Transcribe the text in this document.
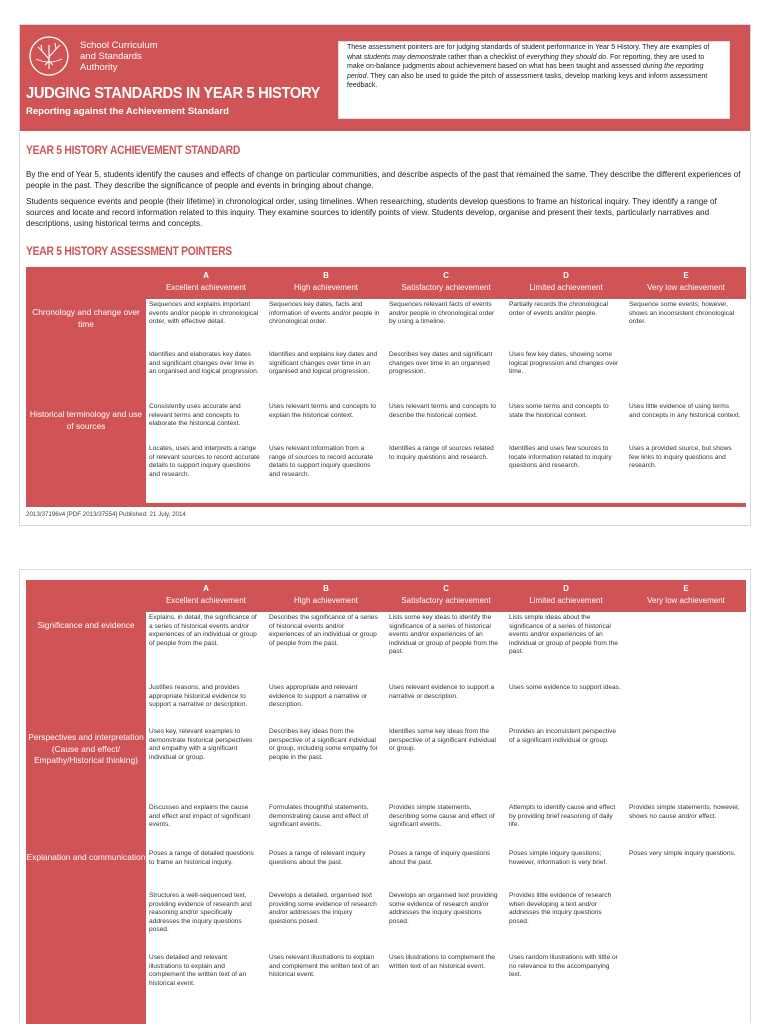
School Curriculum
and Standards
Authority
JUDGING STANDARDS IN YEAR 5 HISTORY
Reporting against the Achievement Standard
These assessment pointers are for judging standards of student performance in Year 5 History. They are examples of what students may demonstrate rather than a checklist of everything they should do. For reporting, they are used to make on-balance judgments about achievement based on what has been taught and assessed during the reporting period. They can also be used to guide the pitch of assessment tasks, develop marking keys and inform assessment feedback.
YEAR 5 HISTORY ACHIEVEMENT STANDARD
By the end of Year 5, students identify the causes and effects of change on particular communities, and describe aspects of the past that remained the same. They describe the different experiences of people in the past. They describe the significance of people and events in bringing about change.
Students sequence events and people (their lifetime) in chronological order, using timelines. When researching, students develop questions to frame an historical inquiry. They identify a range of sources and locate and record information related to this inquiry. They examine sources to identify points of view. Students develop, organise and present their texts, particularly narratives and descriptions, using historical terms and concepts.
YEAR 5 HISTORY ASSESSMENT POINTERS
A
Excellent achievement
B
High achievement
C
Satisfactory achievement
D
Limited achievement
E
Very low achievement
Chronology and change over time
Historical terminology and use of sources
Sequences and explains important events and/or people in chronological order, with effective detail.
Sequences key dates, facts and information of events and/or people in chronological order.
Sequences relevant facts of events and/or people in chronological order by using a timeline.
Partially records the chronological order of events and/or people.
Sequence some events; however, shows an inconsistent chronological order.
Identifies and elaborates key dates and significant changes over time in an organised and logical progression.
Identifies and explains key dates and significant changes over time in an organised and logical progression.
Describes key dates and significant changes over time in an organised progression.
Uses few key dates, showing some logical progression and changes over time.
Consistently uses accurate and relevant terms and concepts to elaborate the historical context.
Uses relevant terms and concepts to explain the historical context.
Uses relevant terms and concepts to describe the historical context.
Uses some terms and concepts to state the historical context.
Uses little evidence of using terms and concepts in any historical context.
Locates, uses and interprets a range of relevant sources to record accurate details to support inquiry questions and research.
Uses relevant information from a range of sources to record accurate details to support inquiry questions and research.
Identifies a range of sources related to inquiry questions and research.
Identifies and uses few sources to locate information related to inquiry questions and research.
Uses a provided source, but shows few links to inquiry questions and research.
2013/37196v4 [PDF 2013/37554] Published: 21 July, 2014
A
Excellent achievement
B
High achievement
C
Satisfactory achievement
D
Limited achievement
E
Very low achievement
Significance and evidence
Perspectives and interpretation (Cause and effect/ Empathy/Historical thinking)
Explanation and communication
Explains, in detail, the significance of a series of historical events and/or experiences of an individual or group of people from the past.
Describes the significance of a series of historical events and/or experiences of an individual or group of people from the past.
Lists some key ideas to identify the significance of a series of historical events and/or experiences of an individual or group of people from the past.
Lists simple ideas about the significance of a series of historical events and/or experiences of an individual or group of people from the past.
Justifies reasons, and provides appropriate historical evidence to support a narrative or description.
Uses appropriate and relevant evidence to support a narrative or description.
Uses relevant evidence to support a narrative or description.
Uses some evidence to support ideas.
Uses key, relevant examples to demonstrate historical perspectives and empathy with a significant individual or group.
Describes key ideas from the perspective of a significant individual or group, including some empathy for people in the past.
Identifies some key ideas from the perspective of a significant individual or group.
Provides an inconsistent perspective of a significant individual or group.
Discusses and explains the cause and effect and impact of significant events.
Formulates thoughtful statements, demonstrating cause and effect of significant events.
Provides simple statements, describing some cause and effect of significant events.
Attempts to identify cause and effect by providing brief reasoning of daily life.
Provides simple statements; however, shows no cause and/or effect.
Poses a range of detailed questions to frame an historical inquiry.
Poses a range of relevant inquiry questions about the past.
Poses a range of inquiry questions about the past.
Poses simple inquiry questions; however, information is very brief.
Poses very simple inquiry questions.
Structures a well-sequenced text, providing evidence of research and reasoning and/or specifically addresses the inquiry questions posed.
Develops a detailed, organised text providing some evidence of research and/or addresses the inquiry questions posed.
Develops an organised text providing some evidence of research and/or addresses the inquiry questions posed.
Provides little evidence of research when developing a text and/or addresses the inquiry questions posed.
Uses detailed and relevant illustrations to explain and complement the written text of an historical event.
Uses relevant illustrations to explain and complement the written text of an historical event.
Uses illustrations to complement the written text of an historical event.
Uses random illustrations with little or no relevance to the accompanying text.
